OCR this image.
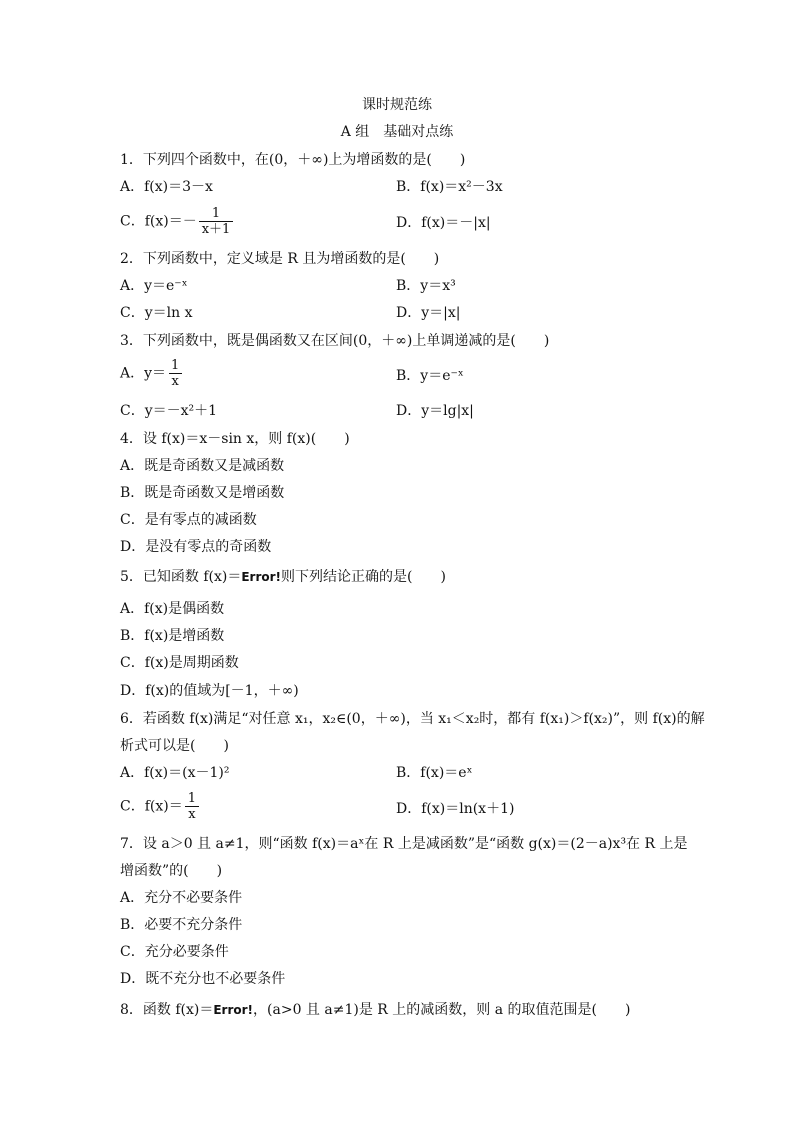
课时规范练
A 组　基础对点练
1．下列四个函数中，在(0，＋∞)上为增函数的是(　　)
A．f(x)＝3－x	B．f(x)＝x²－3x
C．$f(x)=- \frac{1}{x+1}$	D．f(x)＝－|x|
2．下列函数中，定义域是 R 且为增函数的是(　　)
A．y＝e⁻ˣ	B．y＝x³
C．y＝ln x	D．y＝|x|
3．下列函数中，既是偶函数又在区间(0，＋∞)上单调递减的是(　　)
A．$y= \frac{1}{x}$	B．y＝e⁻ˣ
C．y＝－x²＋1	D．y＝lg|x|
4．设 f(x)＝x－sin x，则 f(x)(　　)
A．既是奇函数又是减函数
B．既是奇函数又是增函数
C．是有零点的减函数
D．是没有零点的奇函数
5．已知函数 f(x)＝Error!则下列结论正确的是(　　)
A．f(x)是偶函数
B．f(x)是增函数
C．f(x)是周期函数
D．f(x)的值域为[－1，＋∞)
6．若函数 f(x)满足“对任意 x₁，x₂∈(0，＋∞)，当 x₁＜x₂时，都有 f(x₁)＞f(x₂)”，则 f(x)的解
析式可以是(　　)
A．f(x)＝(x－1)²	B．f(x)＝eˣ
C．$f(x)= \frac{1}{x}$	D．f(x)＝ln(x＋1)
7．设 a＞0 且 a≠1，则“函数 f(x)＝aˣ在 R 上是减函数”是“函数 g(x)＝(2－a)x³在 R 上是
增函数”的(　　)
A．充分不必要条件
B．必要不充分条件
C．充分必要条件
D．既不充分也不必要条件
8．函数 f(x)＝Error!，(a>0 且 a≠1)是 R 上的减函数，则 a 的取值范围是(　　)
